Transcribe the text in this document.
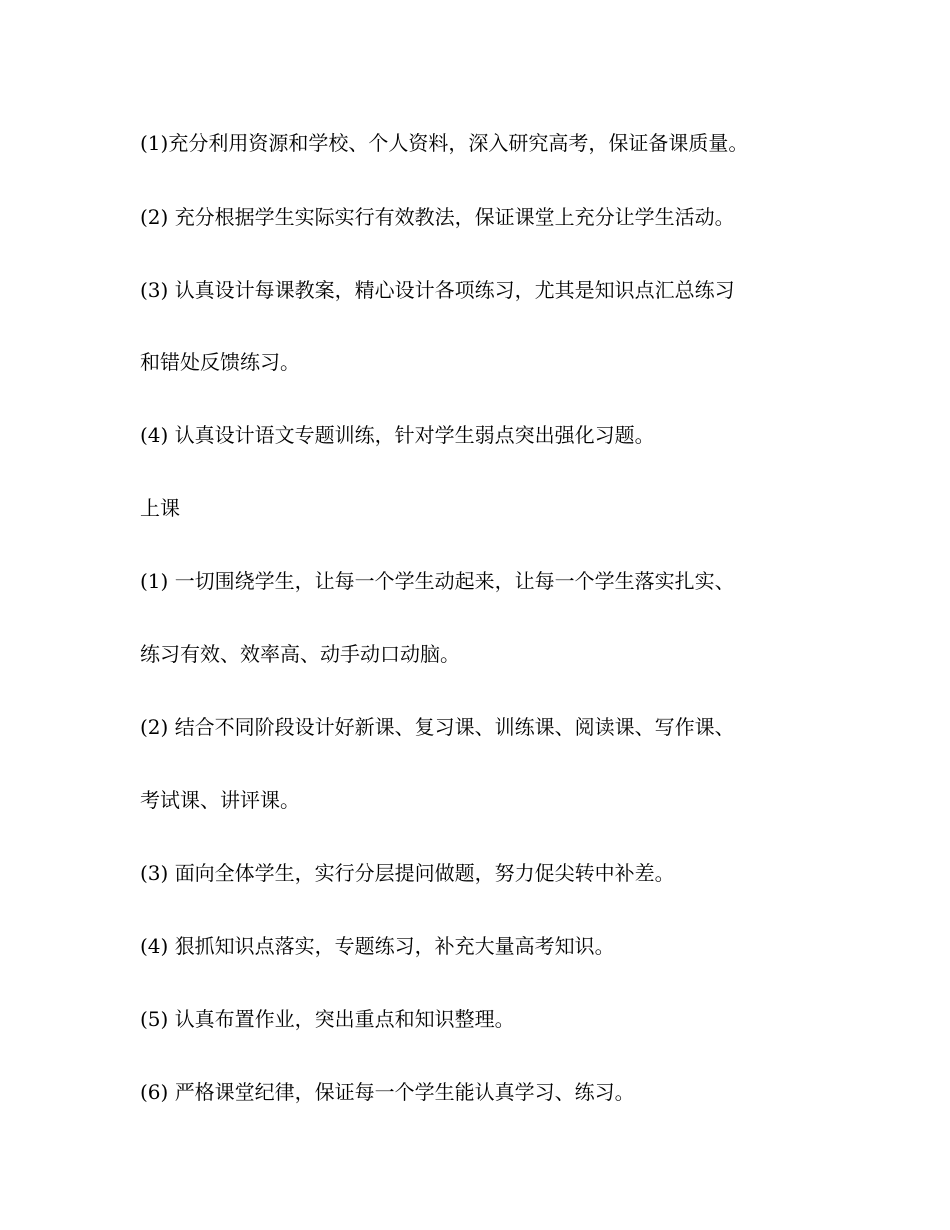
(1)充分利用资源和学校、个人资料，深入研究高考，保证备课质量。
(2) 充分根据学生实际实行有效教法，保证课堂上充分让学生活动。
(3) 认真设计每课教案，精心设计各项练习，尤其是知识点汇总练习
和错处反馈练习。
(4) 认真设计语文专题训练，针对学生弱点突出强化习题。
上课
(1) 一切围绕学生，让每一个学生动起来，让每一个学生落实扎实、
练习有效、效率高、动手动口动脑。
(2) 结合不同阶段设计好新课、复习课、训练课、阅读课、写作课、
考试课、讲评课。
(3) 面向全体学生，实行分层提问做题，努力促尖转中补差。
(4) 狠抓知识点落实，专题练习，补充大量高考知识。
(5) 认真布置作业，突出重点和知识整理。
(6) 严格课堂纪律，保证每一个学生能认真学习、练习。
